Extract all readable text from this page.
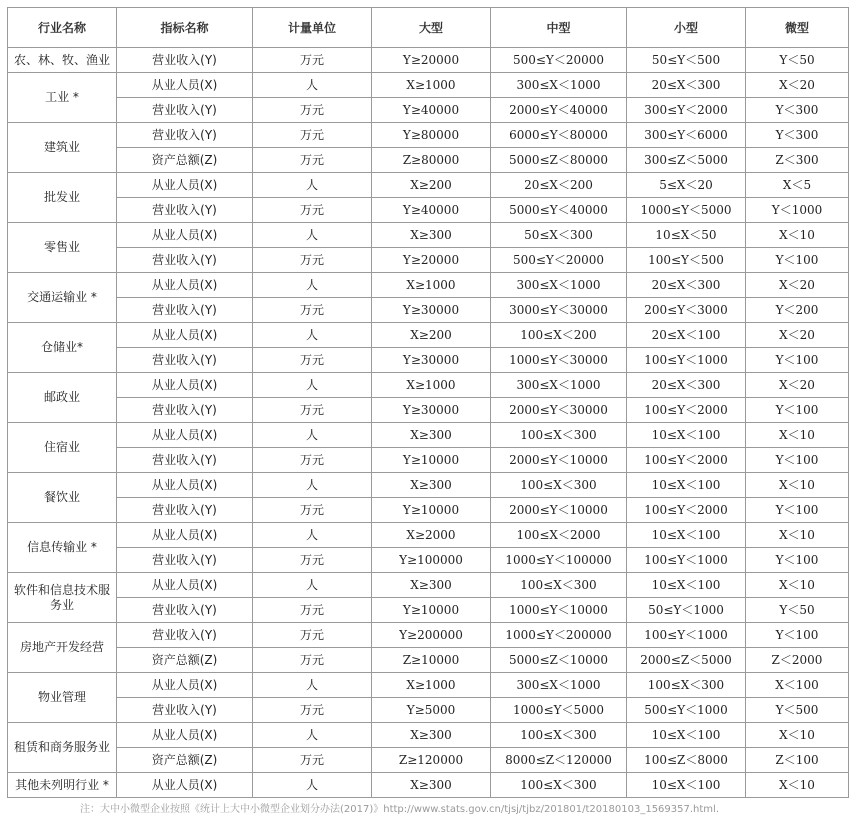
行业名称	指标名称	计量单位	大型	中型	小型	微型
农、林、牧、渔业	营业收入(Y)	万元	Y≥20000	500≤Y＜20000	50≤Y＜500	Y＜50
工业 *	从业人员(X)	人	X≥1000	300≤X＜1000	20≤X＜300	X＜20
	营业收入(Y)	万元	Y≥40000	2000≤Y＜40000	300≤Y＜2000	Y＜300
建筑业	营业收入(Y)	万元	Y≥80000	6000≤Y＜80000	300≤Y＜6000	Y＜300
	资产总额(Z)	万元	Z≥80000	5000≤Z＜80000	300≤Z＜5000	Z＜300
批发业	从业人员(X)	人	X≥200	20≤X＜200	5≤X＜20	X＜5
	营业收入(Y)	万元	Y≥40000	5000≤Y＜40000	1000≤Y＜5000	Y＜1000
零售业	从业人员(X)	人	X≥300	50≤X＜300	10≤X＜50	X＜10
	营业收入(Y)	万元	Y≥20000	500≤Y＜20000	100≤Y＜500	Y＜100
交通运输业 *	从业人员(X)	人	X≥1000	300≤X＜1000	20≤X＜300	X＜20
	营业收入(Y)	万元	Y≥30000	3000≤Y＜30000	200≤Y＜3000	Y＜200
仓储业*	从业人员(X)	人	X≥200	100≤X＜200	20≤X＜100	X＜20
	营业收入(Y)	万元	Y≥30000	1000≤Y＜30000	100≤Y＜1000	Y＜100
邮政业	从业人员(X)	人	X≥1000	300≤X＜1000	20≤X＜300	X＜20
	营业收入(Y)	万元	Y≥30000	2000≤Y＜30000	100≤Y＜2000	Y＜100
住宿业	从业人员(X)	人	X≥300	100≤X＜300	10≤X＜100	X＜10
	营业收入(Y)	万元	Y≥10000	2000≤Y＜10000	100≤Y＜2000	Y＜100
餐饮业	从业人员(X)	人	X≥300	100≤X＜300	10≤X＜100	X＜10
	营业收入(Y)	万元	Y≥10000	2000≤Y＜10000	100≤Y＜2000	Y＜100
信息传输业 *	从业人员(X)	人	X≥2000	100≤X＜2000	10≤X＜100	X＜10
	营业收入(Y)	万元	Y≥100000	1000≤Y＜100000	100≤Y＜1000	Y＜100
软件和信息技术服务业	从业人员(X)	人	X≥300	100≤X＜300	10≤X＜100	X＜10
	营业收入(Y)	万元	Y≥10000	1000≤Y＜10000	50≤Y＜1000	Y＜50
房地产开发经营	营业收入(Y)	万元	Y≥200000	1000≤Y＜200000	100≤Y＜1000	Y＜100
	资产总额(Z)	万元	Z≥10000	5000≤Z＜10000	2000≤Z＜5000	Z＜2000
物业管理	从业人员(X)	人	X≥1000	300≤X＜1000	100≤X＜300	X＜100
	营业收入(Y)	万元	Y≥5000	1000≤Y＜5000	500≤Y＜1000	Y＜500
租赁和商务服务业	从业人员(X)	人	X≥300	100≤X＜300	10≤X＜100	X＜10
	资产总额(Z)	万元	Z≥120000	8000≤Z＜120000	100≤Z＜8000	Z＜100
其他未列明行业 *	从业人员(X)	人	X≥300	100≤X＜300	10≤X＜100	X＜10
注：大中小微型企业按照《统计上大中小微型企业划分办法(2017)》http://www.stats.gov.cn/tjsj/tjbz/201801/t20180103_1569357.html.
